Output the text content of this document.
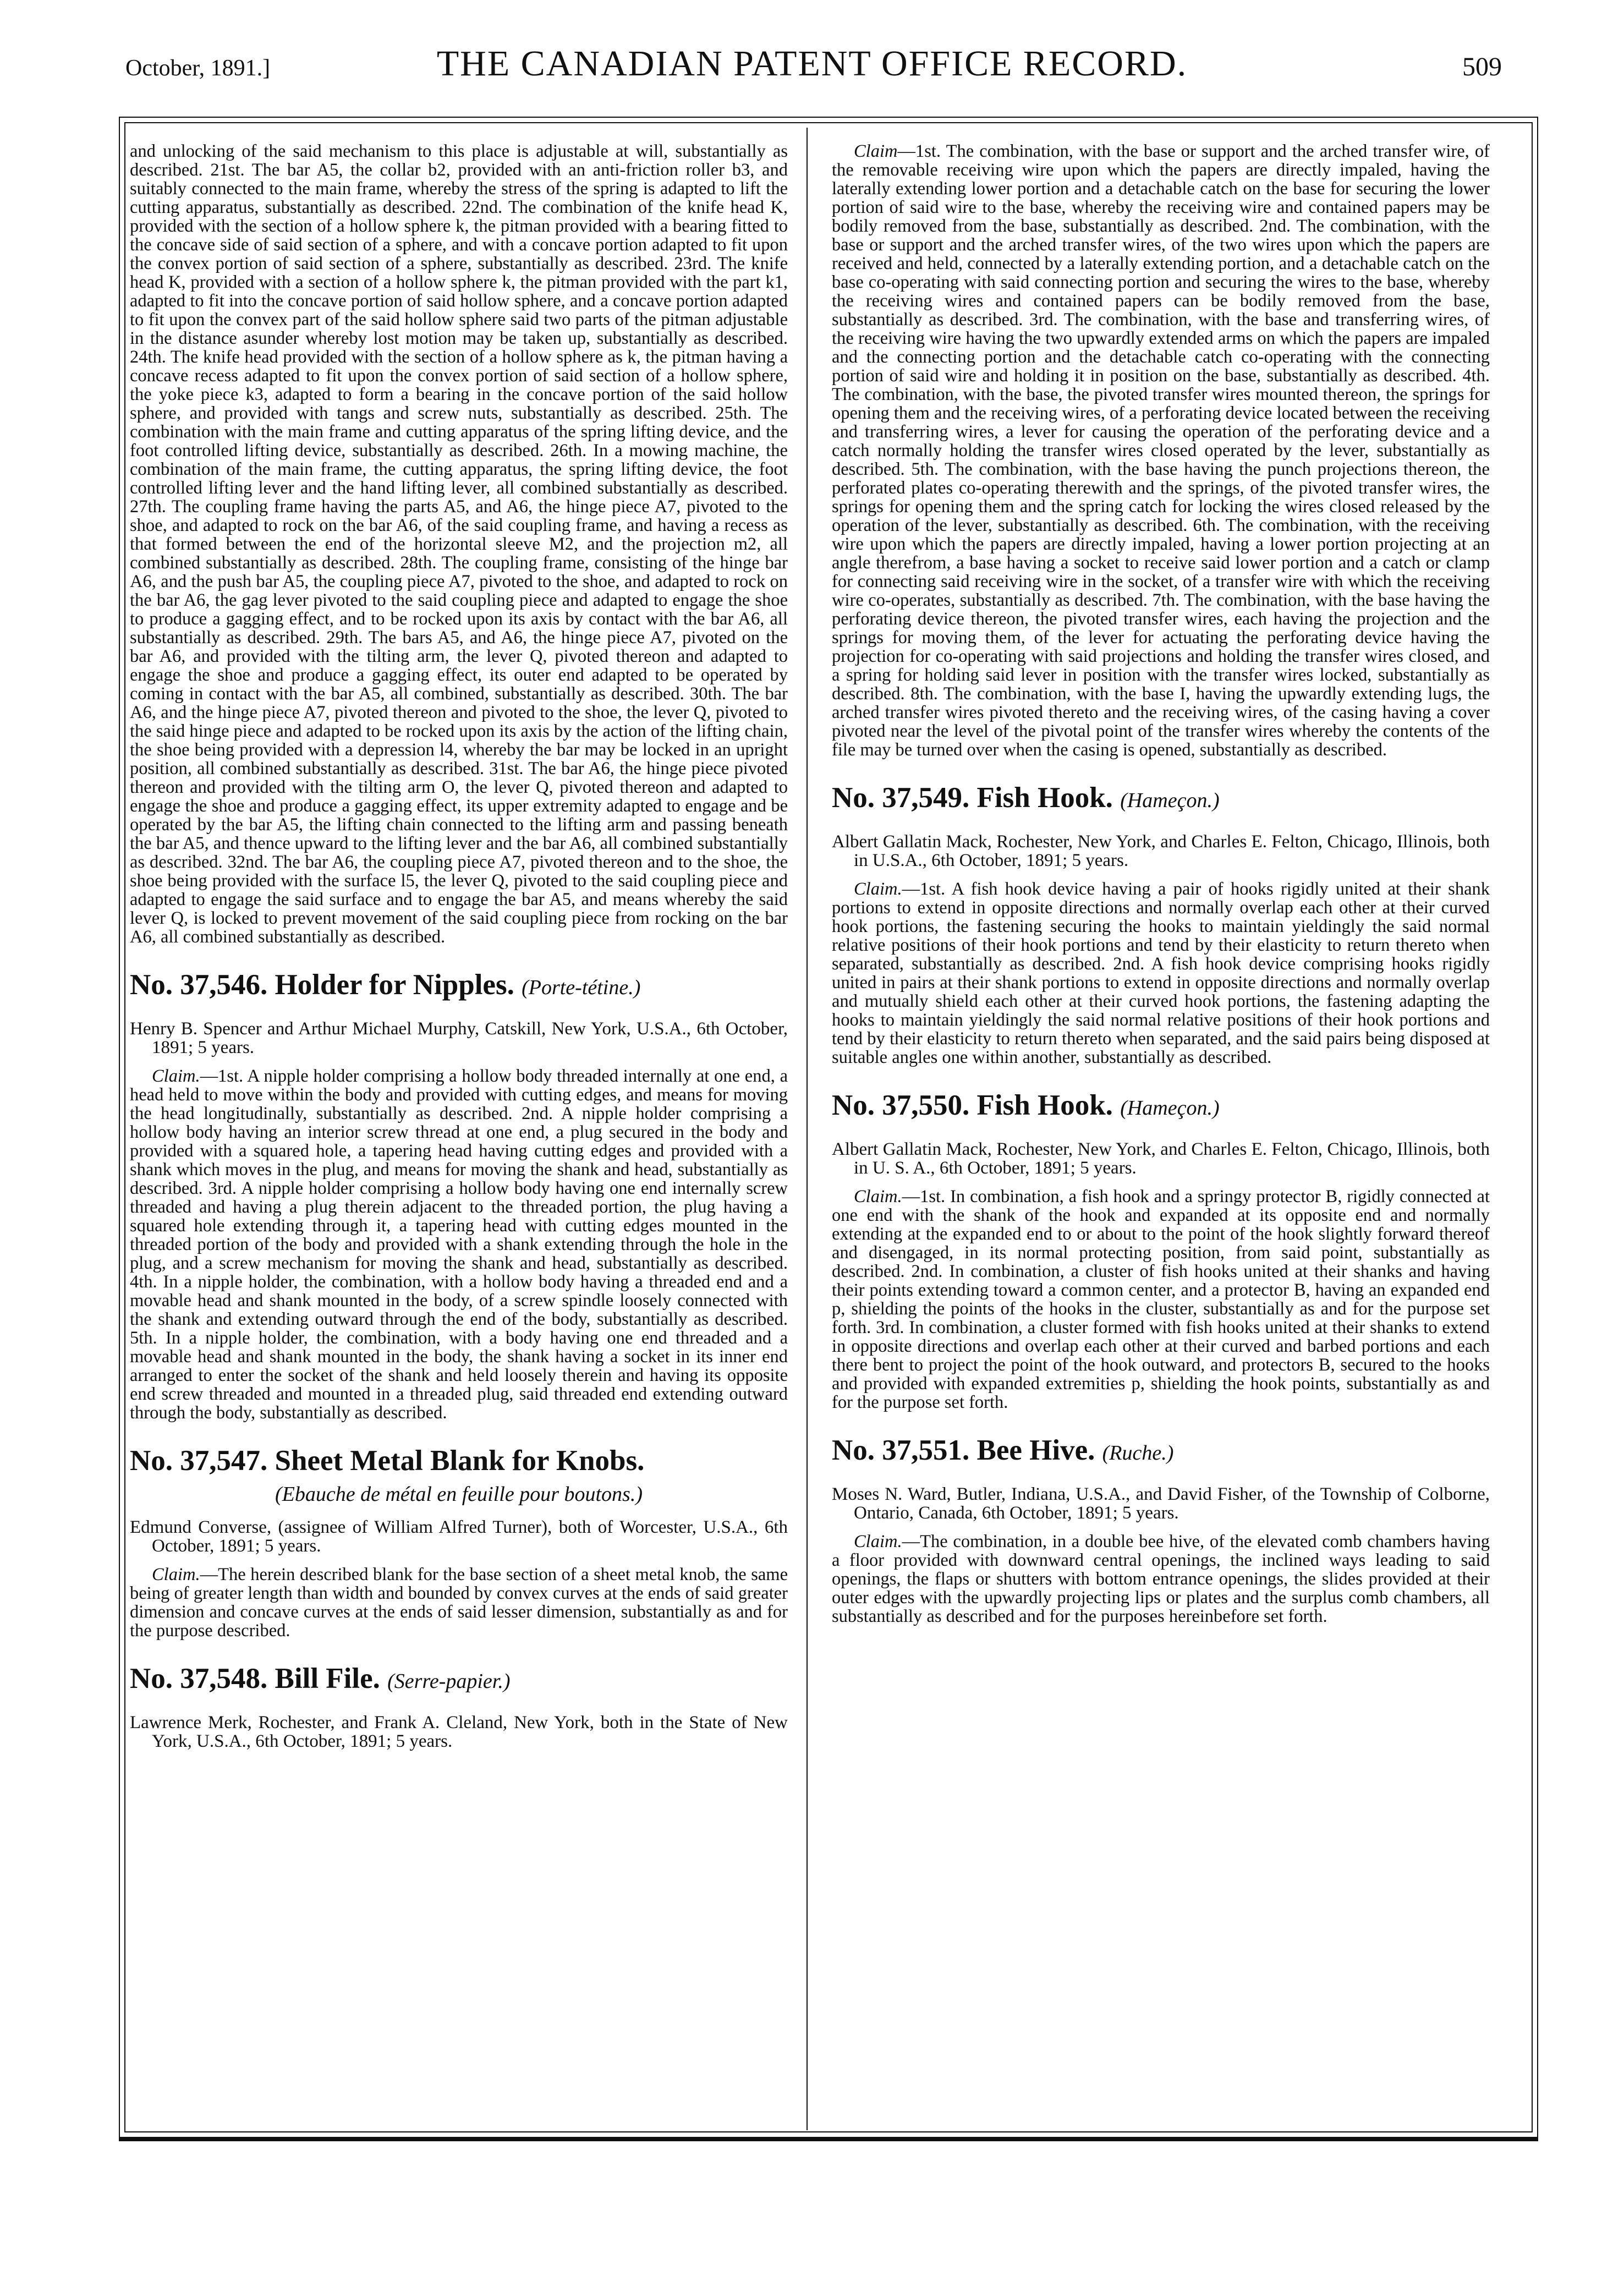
October, 1891.]	THE CANADIAN PATENT OFFICE RECORD.	509

and unlocking of the said mechanism to this place is adjustable at will, substantially as described. 21st. The bar A5, the collar b2, provided with an anti-friction roller b3, and suitably connected to the main frame, whereby the stress of the spring is adapted to lift the cutting apparatus, substantially as described. 22nd. The combination of the knife head K, provided with the section of a hollow sphere k, the pitman provided with a bearing fitted to the concave side of said section of a sphere, and with a concave portion adapted to fit upon the convex portion of said section of a sphere, substantially as described. 23rd. The knife head K, provided with a section of a hollow sphere k, the pitman provided with the part k1, adapted to fit into the concave portion of said hollow sphere, and a concave portion adapted to fit upon the convex part of the said hollow sphere said two parts of the pitman adjustable in the distance asunder whereby lost motion may be taken up, substantially as described. 24th. The knife head provided with the section of a hollow sphere as k, the pitman having a concave recess adapted to fit upon the convex portion of said section of a hollow sphere, the yoke piece k3, adapted to form a bearing in the concave portion of the said hollow sphere, and provided with tangs and screw nuts, substantially as described. 25th. The combination with the main frame and cutting apparatus of the spring lifting device, and the foot controlled lifting device, substantially as described. 26th. In a mowing machine, the combination of the main frame, the cutting apparatus, the spring lifting device, the foot controlled lifting lever and the hand lifting lever, all combined substantially as described. 27th. The coupling frame having the parts A5, and A6, the hinge piece A7, pivoted to the shoe, and adapted to rock on the bar A6, of the said coupling frame, and having a recess as that formed between the end of the horizontal sleeve M2, and the projection m2, all combined substantially as described. 28th. The coupling frame, consisting of the hinge bar A6, and the push bar A5, the coupling piece A7, pivoted to the shoe, and adapted to rock on the bar A6, the gag lever pivoted to the said coupling piece and adapted to engage the shoe to produce a gagging effect, and to be rocked upon its axis by contact with the bar A6, all substantially as described. 29th. The bars A5, and A6, the hinge piece A7, pivoted on the bar A6, and provided with the tilting arm, the lever Q, pivoted thereon and adapted to engage the shoe and produce a gagging effect, its outer end adapted to be operated by coming in contact with the bar A5, all combined, substantially as described. 30th. The bar A6, and the hinge piece A7, pivoted thereon and pivoted to the shoe, the lever Q, pivoted to the said hinge piece and adapted to be rocked upon its axis by the action of the lifting chain, the shoe being provided with a depression l4, whereby the bar may be locked in an upright position, all combined substantially as described. 31st. The bar A6, the hinge piece pivoted thereon and provided with the tilting arm O, the lever Q, pivoted thereon and adapted to engage the shoe and produce a gagging effect, its upper extremity adapted to engage and be operated by the bar A5, the lifting chain connected to the lifting arm and passing beneath the bar A5, and thence upward to the lifting lever and the bar A6, all combined substantially as described. 32nd. The bar A6, the coupling piece A7, pivoted thereon and to the shoe, the shoe being provided with the surface l5, the lever Q, pivoted to the said coupling piece and adapted to engage the said surface and to engage the bar A5, and means whereby the said lever Q, is locked to prevent movement of the said coupling piece from rocking on the bar A6, all combined substantially as described.

No. 37,546. Holder for Nipples. (Porte-tétine.)

Henry B. Spencer and Arthur Michael Murphy, Catskill, New York, U.S.A., 6th October, 1891; 5 years.

Claim.—1st. A nipple holder comprising a hollow body threaded internally at one end, a head held to move within the body and provided with cutting edges, and means for moving the head longitudinally, substantially as described. 2nd. A nipple holder comprising a hollow body having an interior screw thread at one end, a plug secured in the body and provided with a squared hole, a tapering head having cutting edges and provided with a shank which moves in the plug, and means for moving the shank and head, substantially as described. 3rd. A nipple holder comprising a hollow body having one end internally screw threaded and having a plug therein adjacent to the threaded portion, the plug having a squared hole extending through it, a tapering head with cutting edges mounted in the threaded portion of the body and provided with a shank extending through the hole in the plug, and a screw mechanism for moving the shank and head, substantially as described. 4th. In a nipple holder, the combination, with a hollow body having a threaded end and a movable head and shank mounted in the body, of a screw spindle loosely connected with the shank and extending outward through the end of the body, substantially as described. 5th. In a nipple holder, the combination, with a body having one end threaded and a movable head and shank mounted in the body, the shank having a socket in its inner end arranged to enter the socket of the shank and held loosely therein and having its opposite end screw threaded and mounted in a threaded plug, said threaded end extending outward through the body, substantially as described.

No. 37,547. Sheet Metal Blank for Knobs.
(Ebauche de métal en feuille pour boutons.)

Edmund Converse, (assignee of William Alfred Turner), both of Worcester, U.S.A., 6th October, 1891; 5 years.

Claim.—The herein described blank for the base section of a sheet metal knob, the same being of greater length than width and bounded by convex curves at the ends of said greater dimension and concave curves at the ends of said lesser dimension, substantially as and for the purpose described.

No. 37,548. Bill File. (Serre-papier.)

Lawrence Merk, Rochester, and Frank A. Cleland, New York, both in the State of New York, U.S.A., 6th October, 1891; 5 years.

Claim—1st. The combination, with the base or support and the arched transfer wire, of the removable receiving wire upon which the papers are directly impaled, having the laterally extending lower portion and a detachable catch on the base for securing the lower portion of said wire to the base, whereby the receiving wire and contained papers may be bodily removed from the base, substantially as described. 2nd. The combination, with the base or support and the arched transfer wires, of the two wires upon which the papers are received and held, connected by a laterally extending portion, and a detachable catch on the base co-operating with said connecting portion and securing the wires to the base, whereby the receiving wires and contained papers can be bodily removed from the base, substantially as described. 3rd. The combination, with the base and transferring wires, of the receiving wire having the two upwardly extended arms on which the papers are impaled and the connecting portion and the detachable catch co-operating with the connecting portion of said wire and holding it in position on the base, substantially as described. 4th. The combination, with the base, the pivoted transfer wires mounted thereon, the springs for opening them and the receiving wires, of a perforating device located between the receiving and transferring wires, a lever for causing the operation of the perforating device and a catch normally holding the transfer wires closed operated by the lever, substantially as described. 5th. The combination, with the base having the punch projections thereon, the perforated plates co-operating therewith and the springs, of the pivoted transfer wires, the springs for opening them and the spring catch for locking the wires closed released by the operation of the lever, substantially as described. 6th. The combination, with the receiving wire upon which the papers are directly impaled, having a lower portion projecting at an angle therefrom, a base having a socket to receive said lower portion and a catch or clamp for connecting said receiving wire in the socket, of a transfer wire with which the receiving wire co-operates, substantially as described. 7th. The combination, with the base having the perforating device thereon, the pivoted transfer wires, each having the projection and the springs for moving them, of the lever for actuating the perforating device having the projection for co-operating with said projections and holding the transfer wires closed, and a spring for holding said lever in position with the transfer wires locked, substantially as described. 8th. The combination, with the base I, having the upwardly extending lugs, the arched transfer wires pivoted thereto and the receiving wires, of the casing having a cover pivoted near the level of the pivotal point of the transfer wires whereby the contents of the file may be turned over when the casing is opened, substantially as described.

No. 37,549. Fish Hook. (Hameçon.)

Albert Gallatin Mack, Rochester, New York, and Charles E. Felton, Chicago, Illinois, both in U.S.A., 6th October, 1891; 5 years.

Claim.—1st. A fish hook device having a pair of hooks rigidly united at their shank portions to extend in opposite directions and normally overlap each other at their curved hook portions, the fastening securing the hooks to maintain yieldingly the said normal relative positions of their hook portions and tend by their elasticity to return thereto when separated, substantially as described. 2nd. A fish hook device comprising hooks rigidly united in pairs at their shank portions to extend in opposite directions and normally overlap and mutually shield each other at their curved hook portions, the fastening adapting the hooks to maintain yieldingly the said normal relative positions of their hook portions and tend by their elasticity to return thereto when separated, and the said pairs being disposed at suitable angles one within another, substantially as described.

No. 37,550. Fish Hook. (Hameçon.)

Albert Gallatin Mack, Rochester, New York, and Charles E. Felton, Chicago, Illinois, both in U. S. A., 6th October, 1891; 5 years.

Claim.—1st. In combination, a fish hook and a springy protector B, rigidly connected at one end with the shank of the hook and expanded at its opposite end and normally extending at the expanded end to or about to the point of the hook slightly forward thereof and disengaged, in its normal protecting position, from said point, substantially as described. 2nd. In combination, a cluster of fish hooks united at their shanks and having their points extending toward a common center, and a protector B, having an expanded end p, shielding the points of the hooks in the cluster, substantially as and for the purpose set forth. 3rd. In combination, a cluster formed with fish hooks united at their shanks to extend in opposite directions and overlap each other at their curved and barbed portions and each there bent to project the point of the hook outward, and protectors B, secured to the hooks and provided with expanded extremities p, shielding the hook points, substantially as and for the purpose set forth.

No. 37,551. Bee Hive. (Ruche.)

Moses N. Ward, Butler, Indiana, U.S.A., and David Fisher, of the Township of Colborne, Ontario, Canada, 6th October, 1891; 5 years.

Claim.—The combination, in a double bee hive, of the elevated comb chambers having a floor provided with downward central openings, the inclined ways leading to said openings, the flaps or shutters with bottom entrance openings, the slides provided at their outer edges with the upwardly projecting lips or plates and the surplus comb chambers, all substantially as described and for the purposes hereinbefore set forth.
